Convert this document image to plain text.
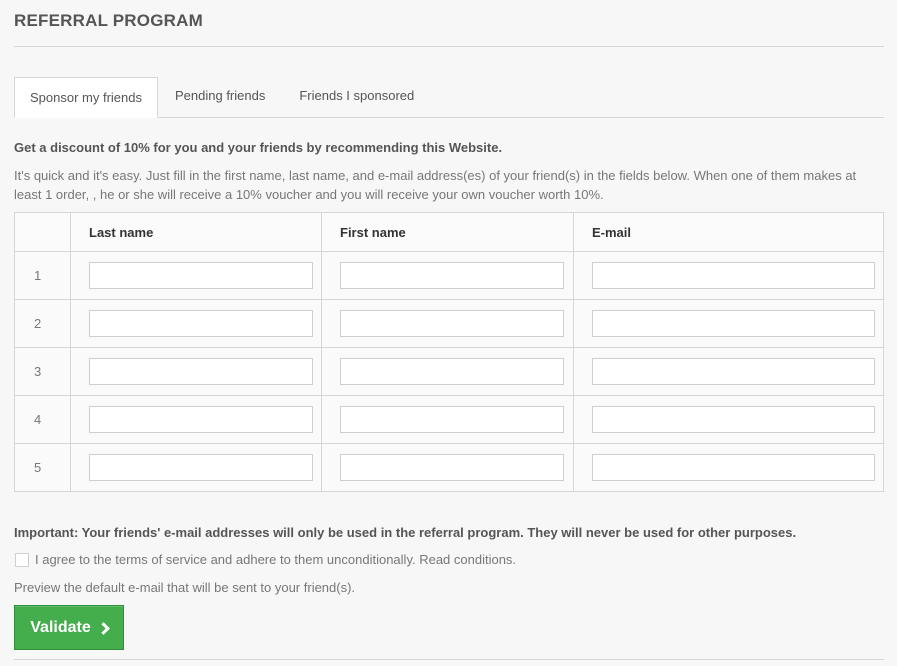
REFERRAL PROGRAM
Sponsor my friends	Pending friends	Friends I sponsored

Get a discount of 10% for you and your friends by recommending this Website.

It's quick and it's easy. Just fill in the first name, last name, and e-mail address(es) of your friend(s) in the fields below. When one of them makes at least 1 order, , he or she will receive a 10% voucher and you will receive your own voucher worth 10%.

	Last name	First name	E-mail
1	

2	

3	

4	

5	

Important: Your friends' e-mail addresses will only be used in the referral program. They will never be used for other purposes.

I agree to the terms of service and adhere to them unconditionally. Read conditions.
Preview the default e-mail that will be sent to your friend(s).
Validate
